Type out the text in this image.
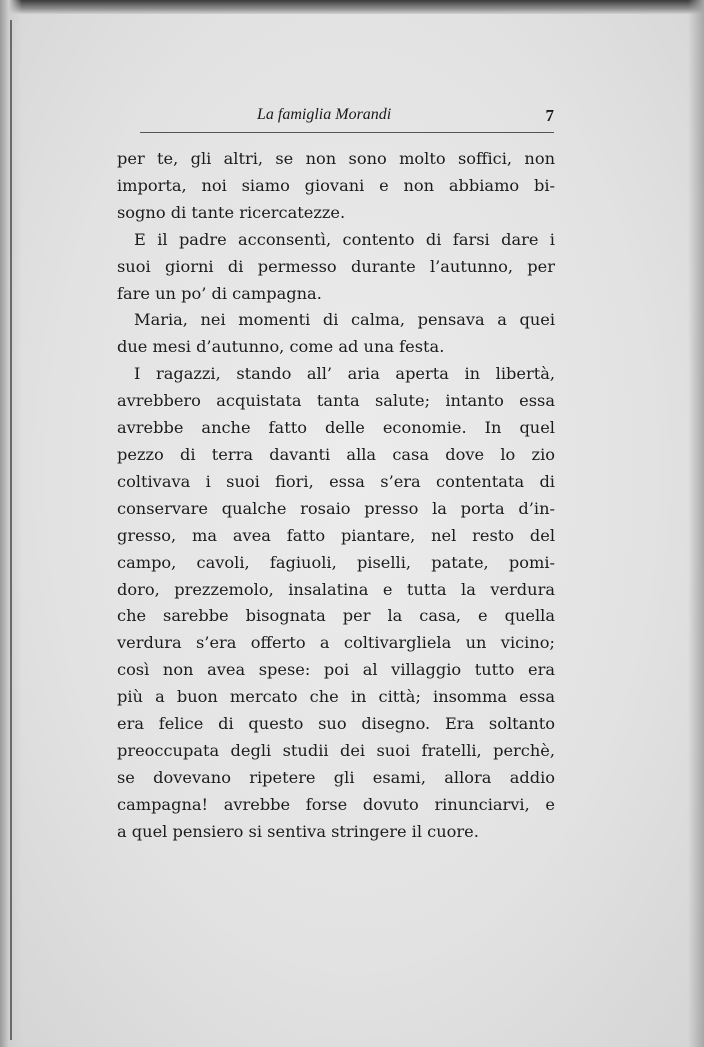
La famiglia Morandi	7
per te, gli altri, se non sono molto soffici, non
importa, noi siamo giovani e non abbiamo bi-
sogno di tante ricercatezze.
E il padre acconsentì, contento di farsi dare i
suoi giorni di permesso durante l’autunno, per
fare un po’ di campagna.
Maria, nei momenti di calma, pensava a quei
due mesi d’autunno, come ad una festa.
I ragazzi, stando all’ aria aperta in libertà,
avrebbero acquistata tanta salute; intanto essa
avrebbe anche fatto delle economie. In quel
pezzo di terra davanti alla casa dove lo zio
coltivava i suoi fiori, essa s’era contentata di
conservare qualche rosaio presso la porta d’in-
gresso, ma avea fatto piantare, nel resto del
campo, cavoli, fagiuoli, piselli, patate, pomi-
doro, prezzemolo, insalatina e tutta la verdura
che sarebbe bisognata per la casa, e quella
verdura s’era offerto a coltivargliela un vicino;
così non avea spese: poi al villaggio tutto era
più a buon mercato che in città; insomma essa
era felice di questo suo disegno. Era soltanto
preoccupata degli studii dei suoi fratelli, perchè,
se dovevano ripetere gli esami, allora addio
campagna! avrebbe forse dovuto rinunciarvi, e
a quel pensiero si sentiva stringere il cuore.
